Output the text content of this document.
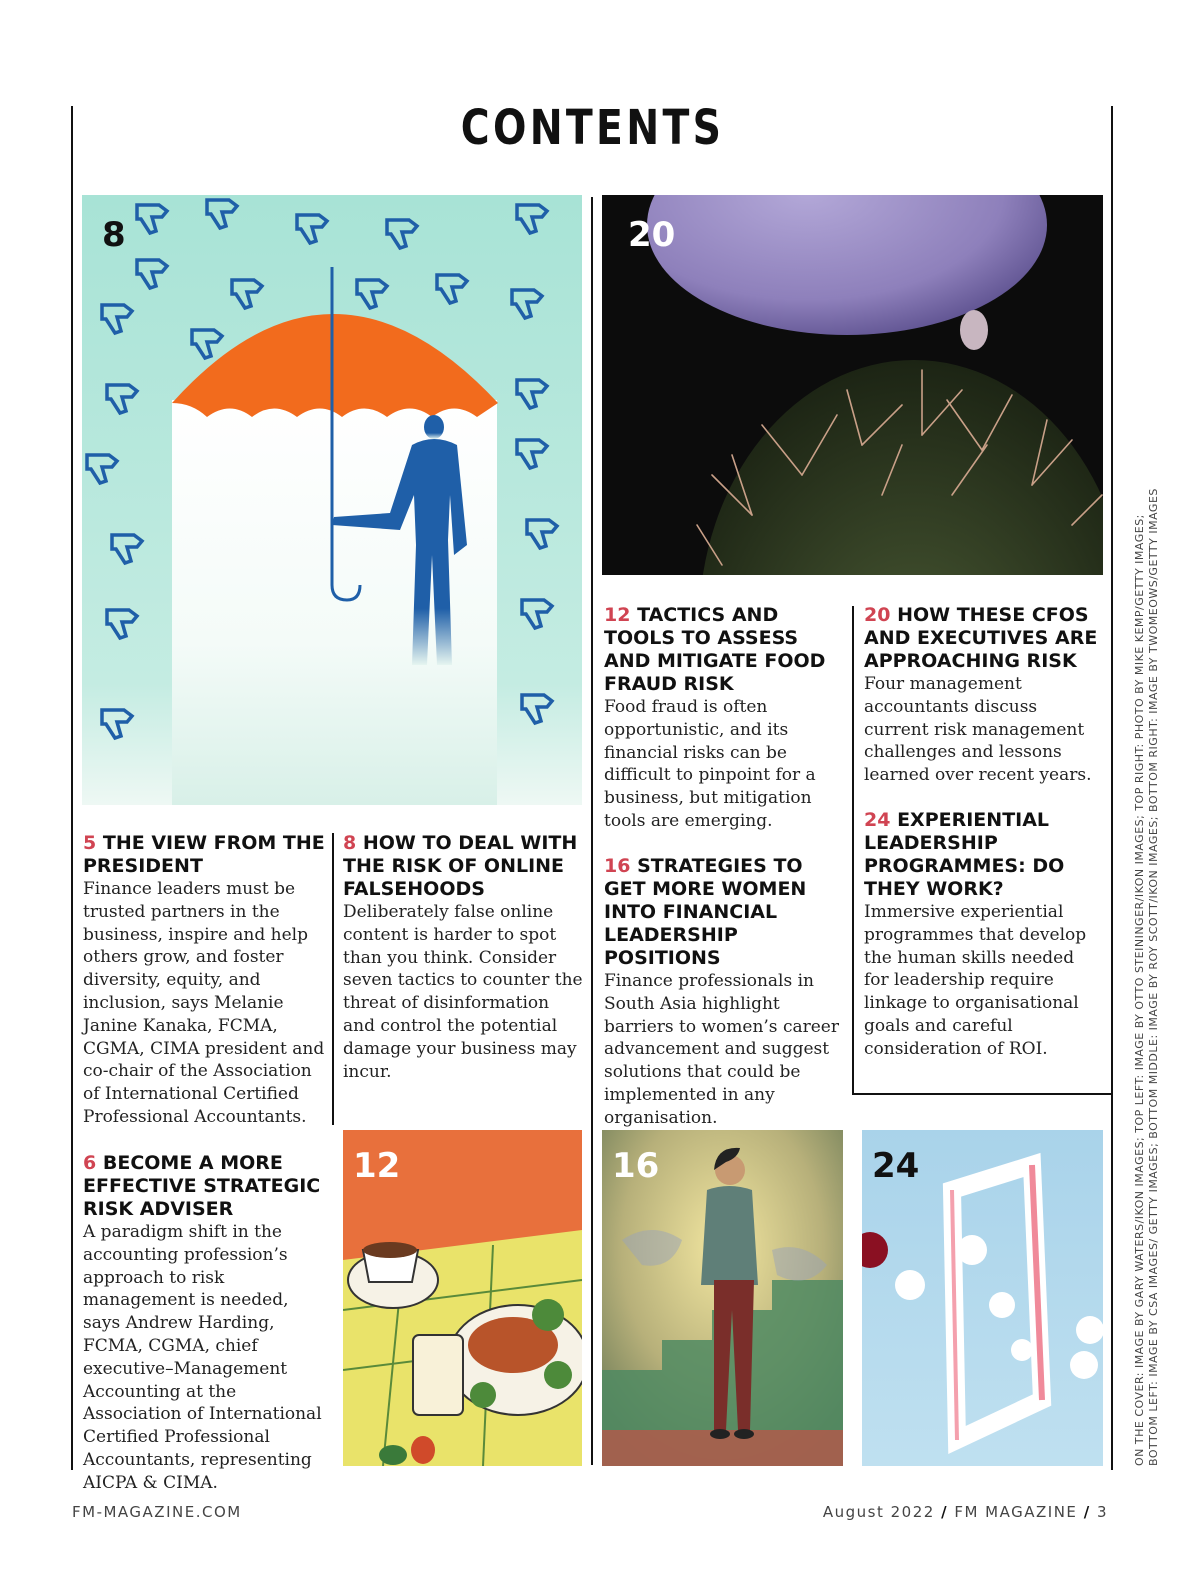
CONTENTS
8	20
12	16	24
5 THE VIEW FROM THE PRESIDENT

Finance leaders must be trusted partners in the business, inspire and help others grow, and foster diversity, equity, and inclusion, says Melanie Janine Kanaka, FCMA, CGMA, CIMA president and co-chair of the Association of International Certified Professional Accountants.

6 BECOME A MORE EFFECTIVE STRATEGIC RISK ADVISER

A paradigm shift in the accounting profession’s approach to risk management is needed, says Andrew Harding, FCMA, CGMA, chief executive–Management Accounting at the Association of International Certified Professional Accountants, representing AICPA & CIMA.

8 HOW TO DEAL WITH THE RISK OF ONLINE FALSEHOODS

Deliberately false online content is harder to spot than you think. Consider seven tactics to counter the threat of disinformation and control the potential damage your business may incur.

12 TACTICS AND TOOLS TO ASSESS AND MITIGATE FOOD FRAUD RISK

Food fraud is often opportunistic, and its financial risks can be difficult to pinpoint for a business, but mitigation tools are emerging.

16 STRATEGIES TO GET MORE WOMEN INTO FINANCIAL LEADERSHIP POSITIONS

Finance professionals in South Asia highlight barriers to women’s career advancement and suggest solutions that could be implemented in any organisation.

20 HOW THESE CFOS AND EXECUTIVES ARE APPROACHING RISK

Four management accountants discuss current risk management challenges and lessons learned over recent years.

24 EXPERIENTIAL LEADERSHIP PROGRAMMES: DO THEY WORK?

Immersive experiential programmes that develop the human skills needed for leadership require linkage to organisational goals and careful consideration of ROI.	ON THE COVER: IMAGE BY GARY WATERS/IKON IMAGES; TOP LEFT: IMAGE BY OTTO STEININGER/IKON IMAGES; TOP RIGHT: PHOTO BY MIKE KEMP/GETTY IMAGES; BOTTOM LEFT: IMAGE BY CSA IMAGES/ GETTY IMAGES; BOTTOM MIDDLE: IMAGE BY ROY SCOTT/IKON IMAGES; BOTTOM RIGHT: IMAGE BY TWOMEOWS/GETTY IMAGES
FM-MAGAZINE.COM	August 2022 / FM MAGAZINE / 3
